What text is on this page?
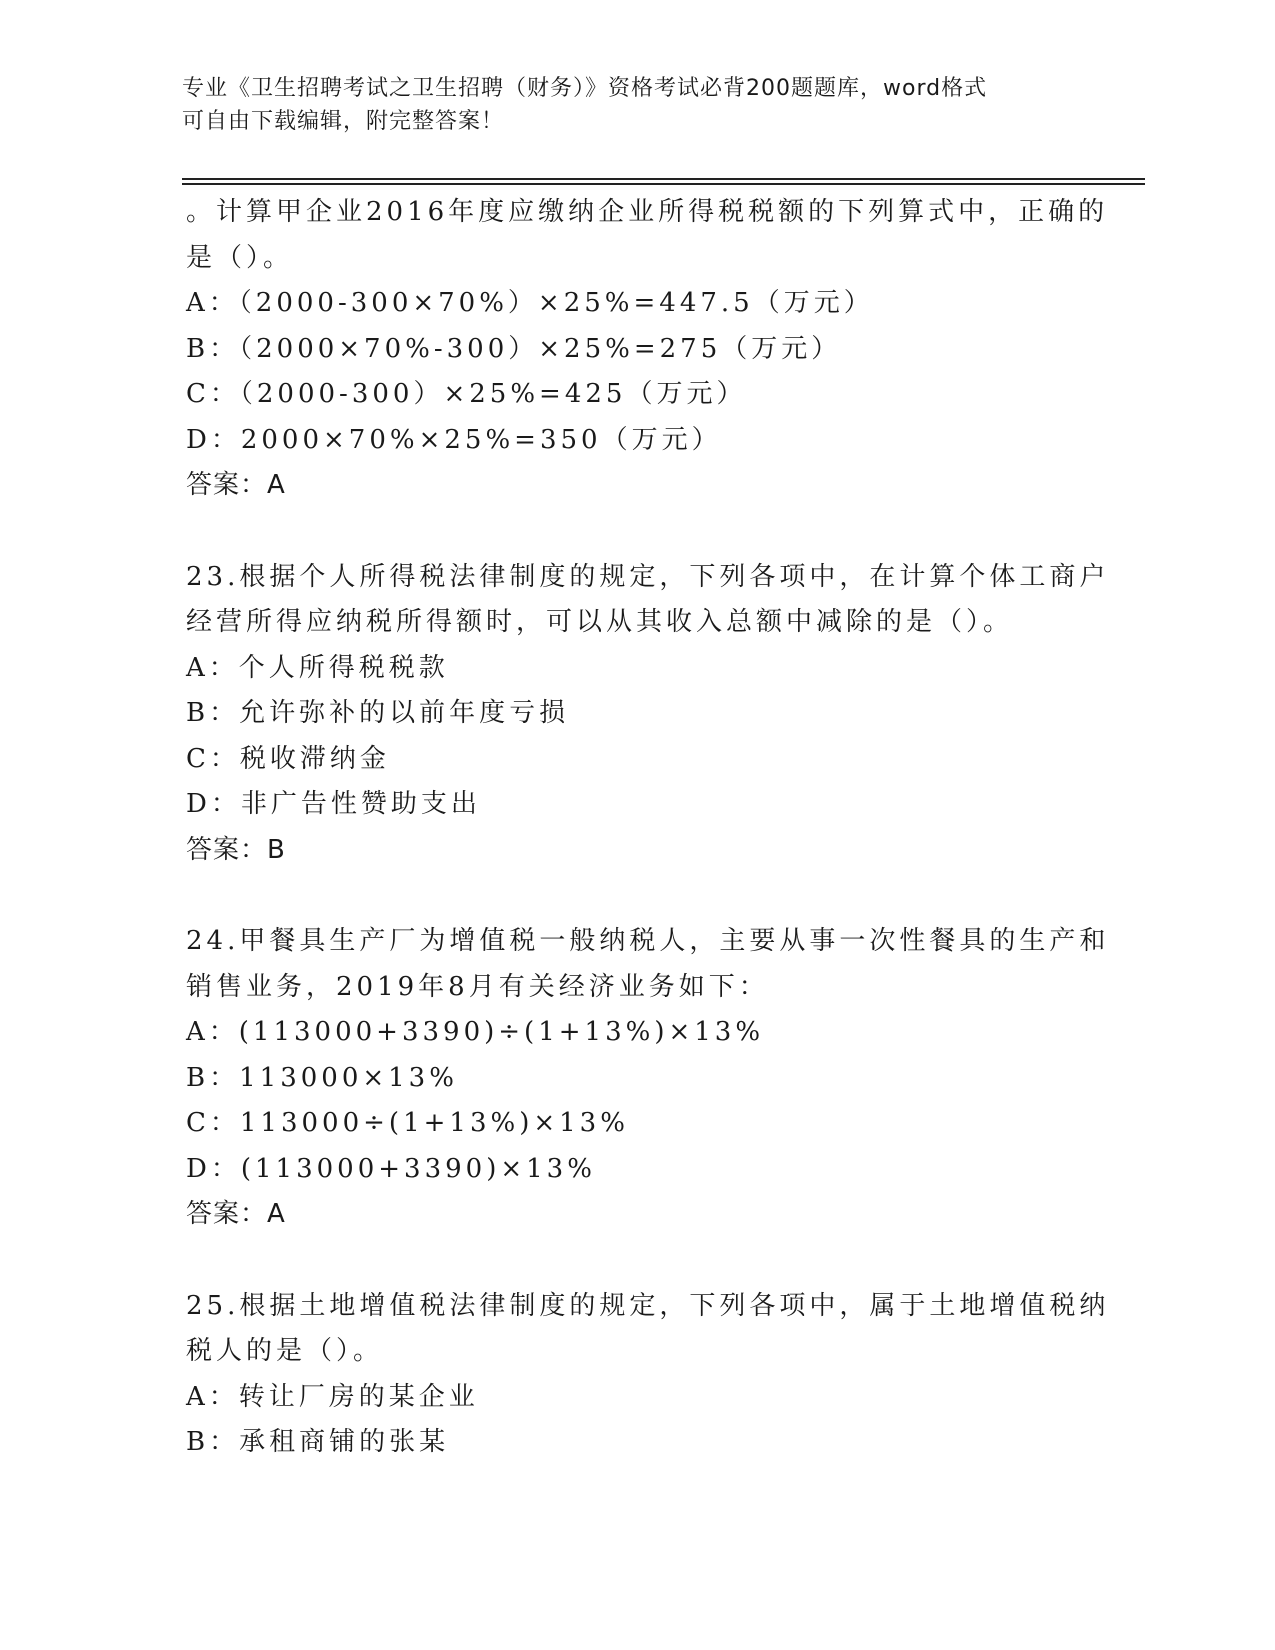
专业《卫生招聘考试之卫生招聘（财务）》资格考试必背200题题库，word格式
可自由下载编辑，附完整答案！
。计算甲企业2016年度应缴纳企业所得税税额的下列算式中，正确的
是（）。
A：（2000-300×70%）×25%=447.5（万元）
B：（2000×70%-300）×25%=275（万元）
C：（2000-300）×25%=425（万元）
D：2000×70%×25%=350（万元）
答案：A
23.根据个人所得税法律制度的规定，下列各项中，在计算个体工商户
经营所得应纳税所得额时，可以从其收入总额中减除的是（）。
A：个人所得税税款
B：允许弥补的以前年度亏损
C：税收滞纳金
D：非广告性赞助支出
答案：B
24.甲餐具生产厂为增值税一般纳税人，主要从事一次性餐具的生产和
销售业务，2019年8月有关经济业务如下：
A：(113000+3390)÷(1+13%)×13%
B：113000×13%
C：113000÷(1+13%)×13%
D：(113000+3390)×13%
答案：A
25.根据土地增值税法律制度的规定，下列各项中，属于土地增值税纳
税人的是（）。
A：转让厂房的某企业
B：承租商铺的张某
